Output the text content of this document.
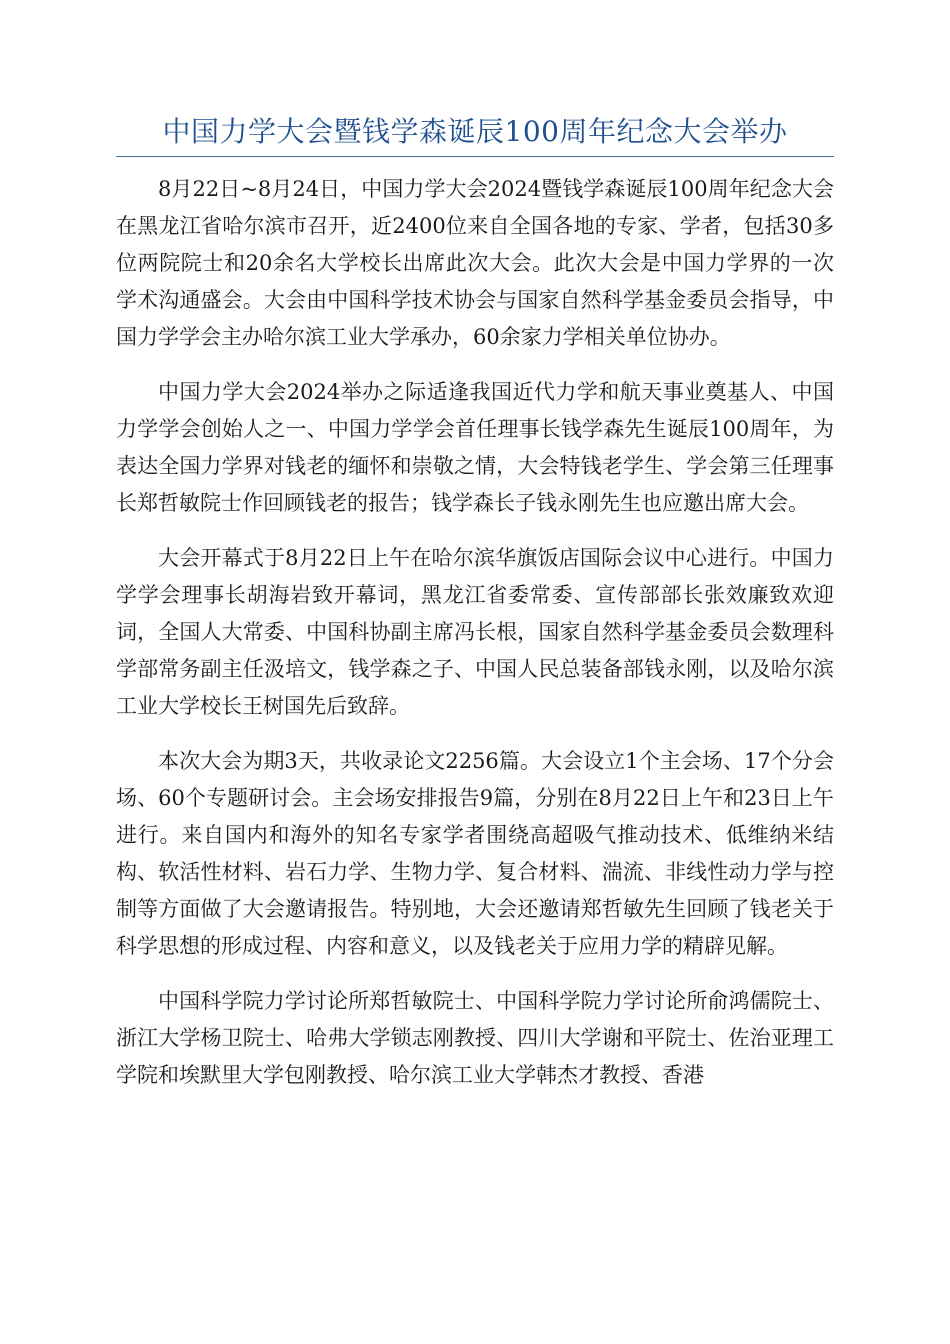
中国力学大会暨钱学森诞辰100周年纪念大会举办

8月22日~8月24日，中国力学大会2024暨钱学森诞辰100周年纪念大会在黑龙江省哈尔滨市召开，近2400位来自全国各地的专家、学者，包括30多位两院院士和20余名大学校长出席此次大会。此次大会是中国力学界的一次学术沟通盛会。大会由中国科学技术协会与国家自然科学基金委员会指导，中国力学学会主办哈尔滨工业大学承办，60余家力学相关单位协办。

中国力学大会2024举办之际适逢我国近代力学和航天事业奠基人、中国力学学会创始人之一、中国力学学会首任理事长钱学森先生诞辰100周年，为表达全国力学界对钱老的缅怀和崇敬之情，大会特钱老学生、学会第三任理事长郑哲敏院士作回顾钱老的报告；钱学森长子钱永刚先生也应邀出席大会。

大会开幕式于8月22日上午在哈尔滨华旗饭店国际会议中心进行。中国力学学会理事长胡海岩致开幕词，黑龙江省委常委、宣传部部长张效廉致欢迎词，全国人大常委、中国科协副主席冯长根，国家自然科学基金委员会数理科学部常务副主任汲培文，钱学森之子、中国人民总装备部钱永刚，以及哈尔滨工业大学校长王树国先后致辞。

本次大会为期3天，共收录论文2256篇。大会设立1个主会场、17个分会场、60个专题研讨会。主会场安排报告9篇，分别在8月22日上午和23日上午进行。来自国内和海外的知名专家学者围绕高超吸气推动技术、低维纳米结构、软活性材料、岩石力学、生物力学、复合材料、湍流、非线性动力学与控制等方面做了大会邀请报告。特别地，大会还邀请郑哲敏先生回顾了钱老关于科学思想的形成过程、内容和意义，以及钱老关于应用力学的精辟见解。

中国科学院力学讨论所郑哲敏院士、中国科学院力学讨论所俞鸿儒院士、浙江大学杨卫院士、哈弗大学锁志刚教授、四川大学谢和平院士、佐治亚理工学院和埃默里大学包刚教授、哈尔滨工业大学韩杰才教授、香港
